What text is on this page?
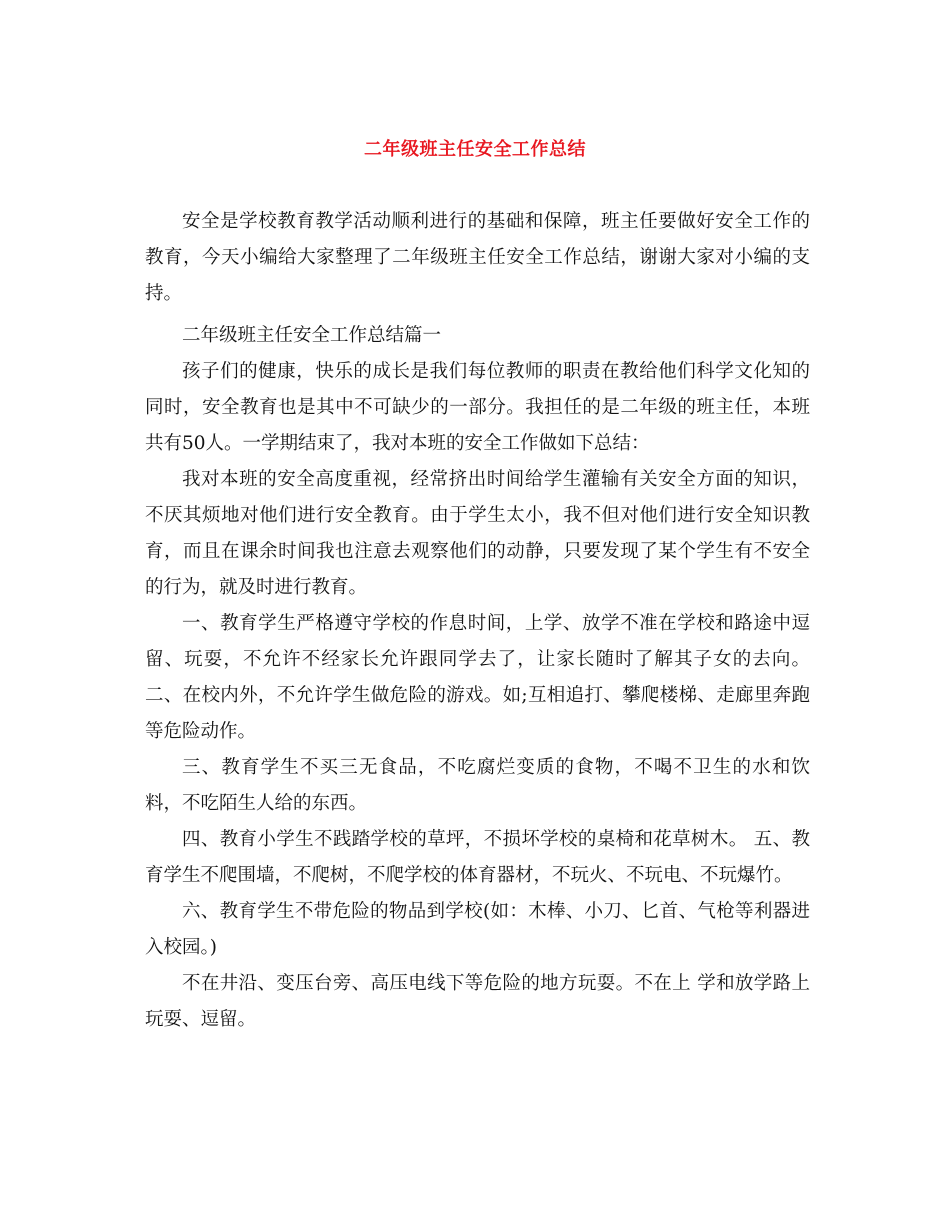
二年级班主任安全工作总结

安全是学校教育教学活动顺利进行的基础和保障，班主任要做好安全工作的教育，今天小编给大家整理了二年级班主任安全工作总结，谢谢大家对小编的支持。

二年级班主任安全工作总结篇一

孩子们的健康，快乐的成长是我们每位教师的职责在教给他们科学文化知的同时，安全教育也是其中不可缺少的一部分。我担任的是二年级的班主任，本班共有50人。一学期结束了，我对本班的安全工作做如下总结：

我对本班的安全高度重视，经常挤出时间给学生灌输有关安全方面的知识，不厌其烦地对他们进行安全教育。由于学生太小，我不但对他们进行安全知识教育，而且在课余时间我也注意去观察他们的动静，只要发现了某个学生有不安全的行为，就及时进行教育。

一、教育学生严格遵守学校的作息时间，上学、放学不准在学校和路途中逗留、玩耍，不允许不经家长允许跟同学去了，让家长随时了解其子女的去向。 二、在校内外，不允许学生做危险的游戏。如;互相追打、攀爬楼梯、走廊里奔跑等危险动作。

三、教育学生不买三无食品，不吃腐烂变质的食物，不喝不卫生的水和饮料，不吃陌生人给的东西。

四、教育小学生不践踏学校的草坪，不损坏学校的桌椅和花草树木。 五、教育学生不爬围墙，不爬树，不爬学校的体育器材，不玩火、不玩电、不玩爆竹。

六、教育学生不带危险的物品到学校(如：木棒、小刀、匕首、气枪等利器进入校园。)

不在井沿、变压台旁、高压电线下等危险的地方玩耍。不在上 学和放学路上玩耍、逗留。
